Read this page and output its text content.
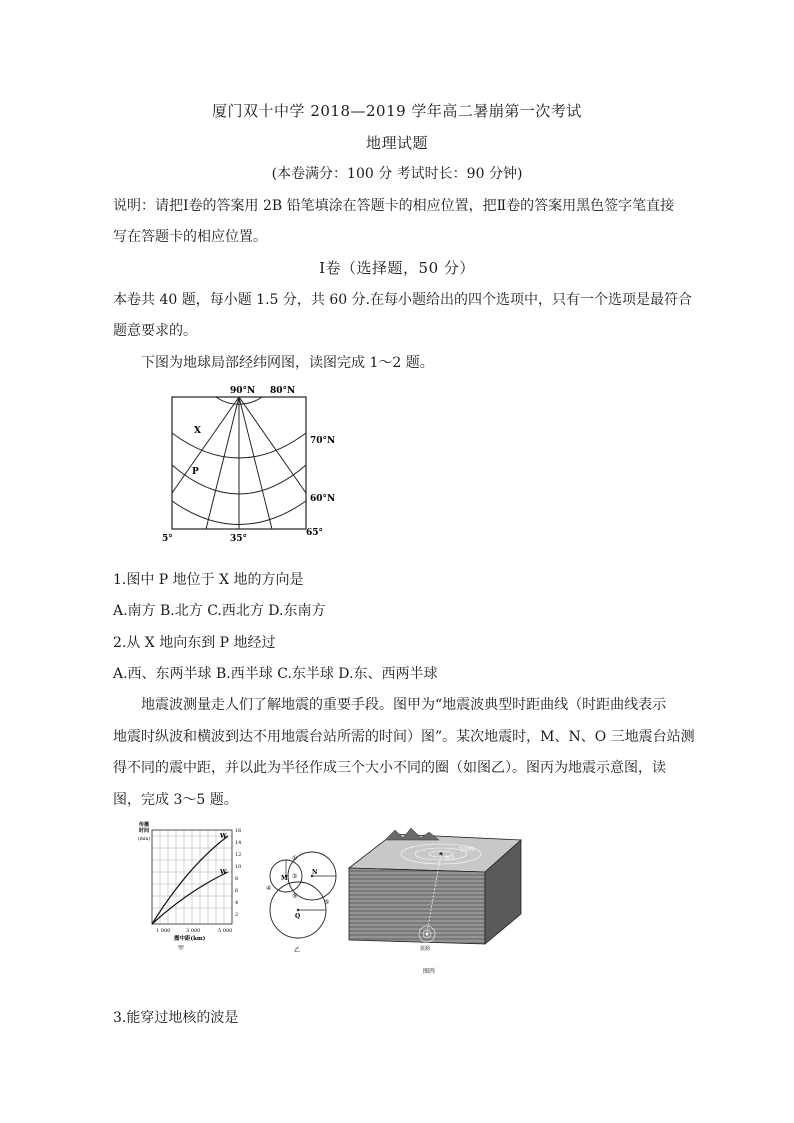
厦门双十中学 2018—2019 学年高二暑崩第一次考试
地理试题
(本卷满分：100 分 考试时长：90 分钟)
说明：请把Ⅰ卷的答案用 2B 铅笔填涂在答题卡的相应位置，把Ⅱ卷的答案用黑色签字笔直接
写在答题卡的相应位置。
Ⅰ卷（选择题，50 分）
本卷共 40 题，每小题 1.5 分，共 60 分.在每小题给出的四个选项中，只有一个选项是最符合
题意要求的。
下图为地球局部经纬网图，读图完成 1～2 题。
90°N 80°N
70°N
60°N
X
P
5°	35°
65°
1.图中 P 地位于 X 地的方向是
A.南方 B.北方 C.西北方 D.东南方
2.从 X 地向东到 P 地经过
A.西、东两半球 B.西半球 C.东半球 D.东、西两半球
地震波测量走人们了解地震的重要手段。图甲为“地震波典型时距曲线（时距曲线表示
地震时纵波和横波到达不用地震台站所需的时间）图”。某次地震时，M、N、O 三地震台站测
得不同的震中距，并以此为半径作成三个大小不同的圈（如图乙）。图丙为地震示意图，读
图，完成 3～5 题。
W
W
传 播
时 间
(min)
16
14
12
10
8
6
4
2
1 000	3 000	5 000
震中距(km)
甲
M
N
Q
①
②
③
④
⑤
乙
等震线
震中
震源
图丙
3.能穿过地核的波是
